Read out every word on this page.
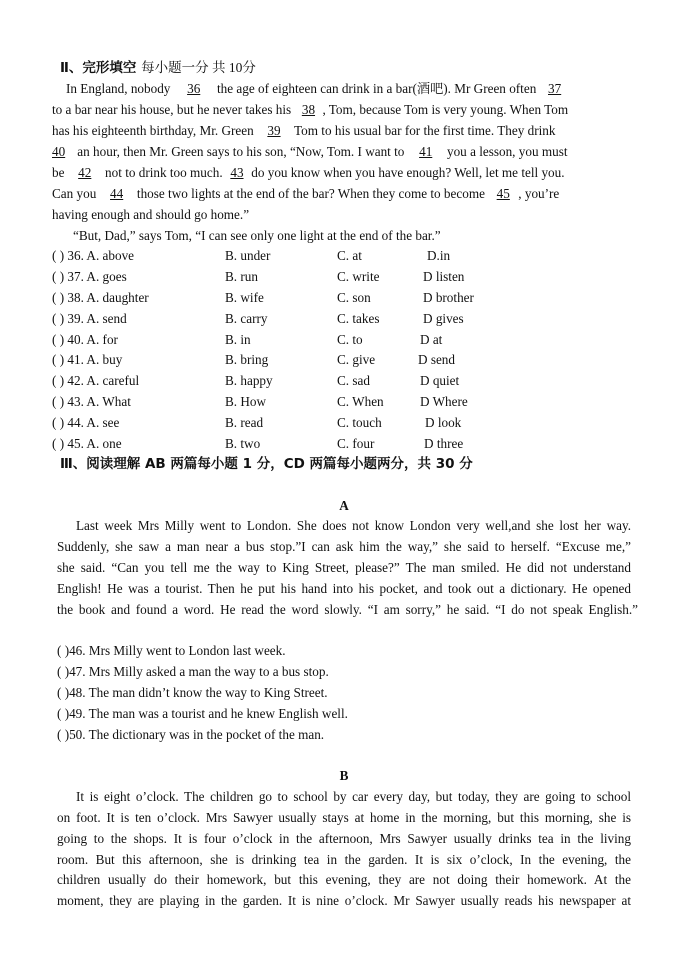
Ⅱ、完形填空 每小题一分 共 10分
In England, nobody 36 the age of eighteen can drink in a bar(酒吧). Mr Green often 37
to a bar near his house, but he never takes his 38 , Tom, because Tom is very young. When Tom
has his eighteenth birthday, Mr. Green 39 Tom to his usual bar for the first time. They drink
40 an hour, then Mr. Green says to his son, “Now, Tom. I want to 41 you a lesson, you must
be 42 not to drink too much. 43 do you know when you have enough? Well, let me tell you.
Can you 44 those two lights at the end of the bar? When they come to become 45 , you’re
having enough and should go home.”
“But, Dad,” says Tom, “I can see only one light at the end of the bar.”
( ) 36. A. above	B. under	C. at	D.in
( ) 37. A. goes	B. run	C. write	D listen
( ) 38. A. daughter	B. wife	C. son	D brother
( ) 39. A. send	B. carry	C. takes	D gives
( ) 40. A. for	B. in	C. to	D at
( ) 41. A. buy	B. bring	C. give	D send
( ) 42. A. careful	B. happy	C. sad	D quiet
( ) 43. A. What	B. How	C. When	D Where
( ) 44. A. see	B. read	C. touch	D look
( ) 45. A. one	B. two	C. four	D three
Ⅲ、阅读理解 AB 两篇每小题 1 分，CD 两篇每小题两分，共 30 分
A
Last week Mrs Milly went to London. She does not know London very well,and she lost her way.
Suddenly, she saw a man near a bus stop.”I can ask him the way,” she said to herself. “Excuse me,”
she said. “Can you tell me the way to King Street, please?” The man smiled. He did not understand
English! He was a tourist. Then he put his hand into his pocket, and took out a dictionary. He opened
the book and found a word. He read the word slowly. “I am sorry,” he said. “I do not speak English.”
( )46. Mrs Milly went to London last week.
( )47. Mrs Milly asked a man the way to a bus stop.
( )48. The man didn’t know the way to King Street.
( )49. The man was a tourist and he knew English well.
( )50. The dictionary was in the pocket of the man.
B
It is eight o’clock. The children go to school by car every day, but today, they are going to school
on foot. It is ten o’clock. Mrs Sawyer usually stays at home in the morning, but this morning, she is
going to the shops. It is four o’clock in the afternoon, Mrs Sawyer usually drinks tea in the living
room. But this afternoon, she is drinking tea in the garden. It is six o’clock, In the evening, the
children usually do their homework, but this evening, they are not doing their homework. At the
moment, they are playing in the garden. It is nine o’clock. Mr Sawyer usually reads his newspaper at
